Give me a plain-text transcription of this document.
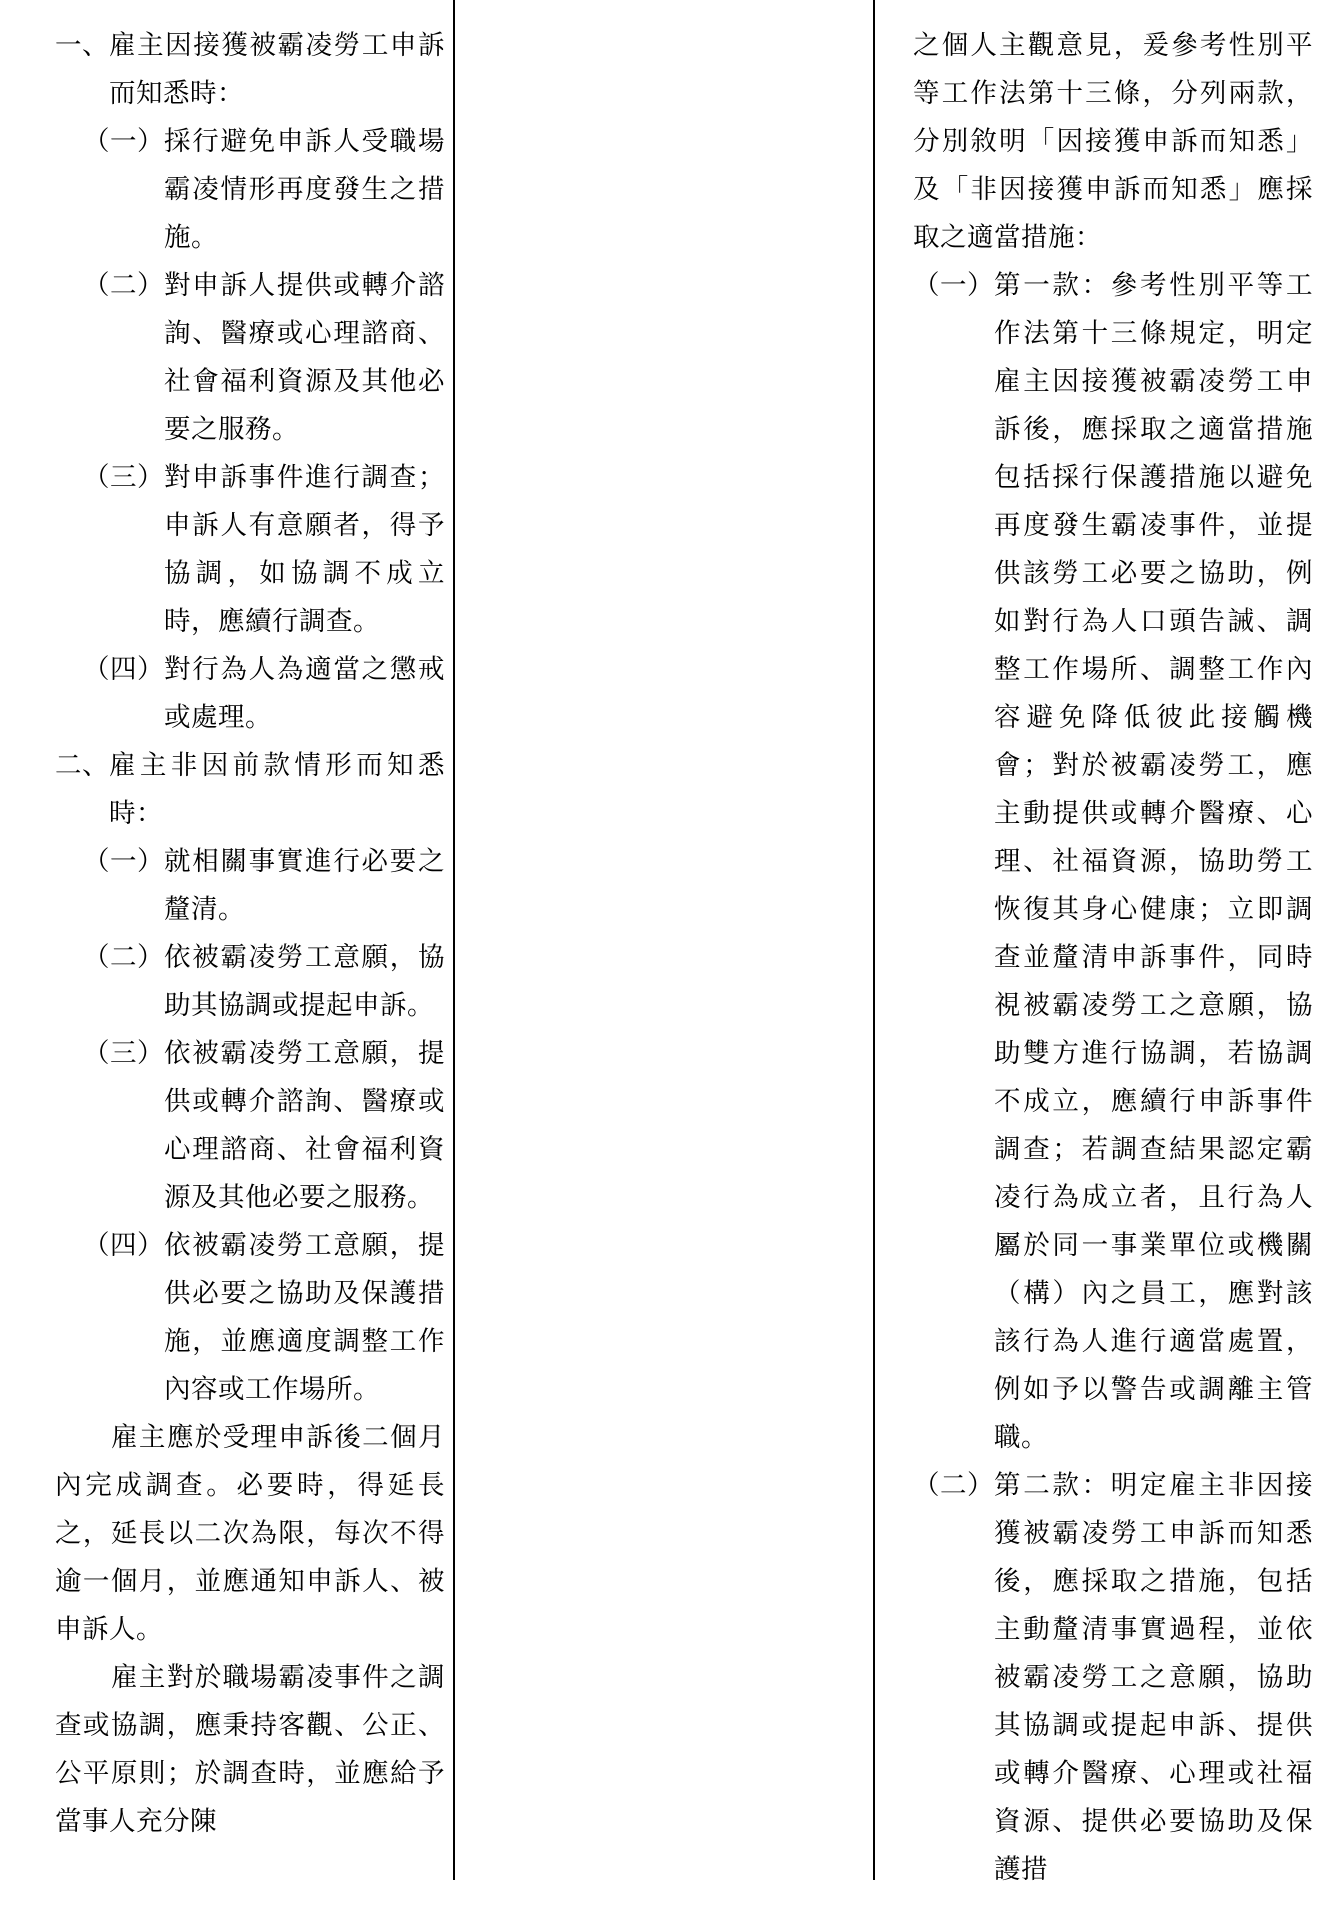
一、 雇主因接獲被霸凌勞工申訴而知悉時：
（一） 採行避免申訴人受職場霸凌情形再度發生之措施。
（二） 對申訴人提供或轉介諮詢、醫療或心理諮商、社會福利資源及其他必要之服務。
（三） 對申訴事件進行調查；申訴人有意願者，得予協調，如協調不成立時，應續行調查。
（四） 對行為人為適當之懲戒或處理。
二、 雇主非因前款情形而知悉時：
（一） 就相關事實進行必要之釐清。
（二） 依被霸凌勞工意願，協助其協調或提起申訴。
（三） 依被霸凌勞工意願，提供或轉介諮詢、醫療或心理諮商、社會福利資源及其他必要之服務。
（四） 依被霸凌勞工意願，提供必要之協助及保護措施，並應適度調整工作內容或工作場所。
雇主應於受理申訴後二個月內完成調查。必要時，得延長之，延長以二次為限，每次不得逾一個月，並應通知申訴人、被申訴人。
雇主對於職場霸凌事件之調查或協調，應秉持客觀、公正、公平原則；於調查時，並應給予當事人充分陳
之個人主觀意見，爰參考性別平等工作法第十三條，分列兩款，分別敘明「因接獲申訴而知悉」及「非因接獲申訴而知悉」應採取之適當措施：
（一） 第一款：參考性別平等工作法第十三條規定，明定雇主因接獲被霸凌勞工申訴後，應採取之適當措施包括採行保護措施以避免再度發生霸凌事件，並提供該勞工必要之協助，例如對行為人口頭告誡、調整工作場所、調整工作內容避免降低彼此接觸機會；對於被霸凌勞工，應主動提供或轉介醫療、心理、社福資源，協助勞工恢復其身心健康；立即調查並釐清申訴事件，同時視被霸凌勞工之意願，協助雙方進行協調，若協調不成立，應續行申訴事件調查；若調查結果認定霸凌行為成立者，且行為人屬於同一事業單位或機關（構）內之員工，應對該該行為人進行適當處置，例如予以警告或調離主管職。
（二） 第二款：明定雇主非因接獲被霸凌勞工申訴而知悉後，應採取之措施，包括主動釐清事實過程，並依被霸凌勞工之意願，協助其協調或提起申訴、提供或轉介醫療、心理或社福資源、提供必要協助及保護措
